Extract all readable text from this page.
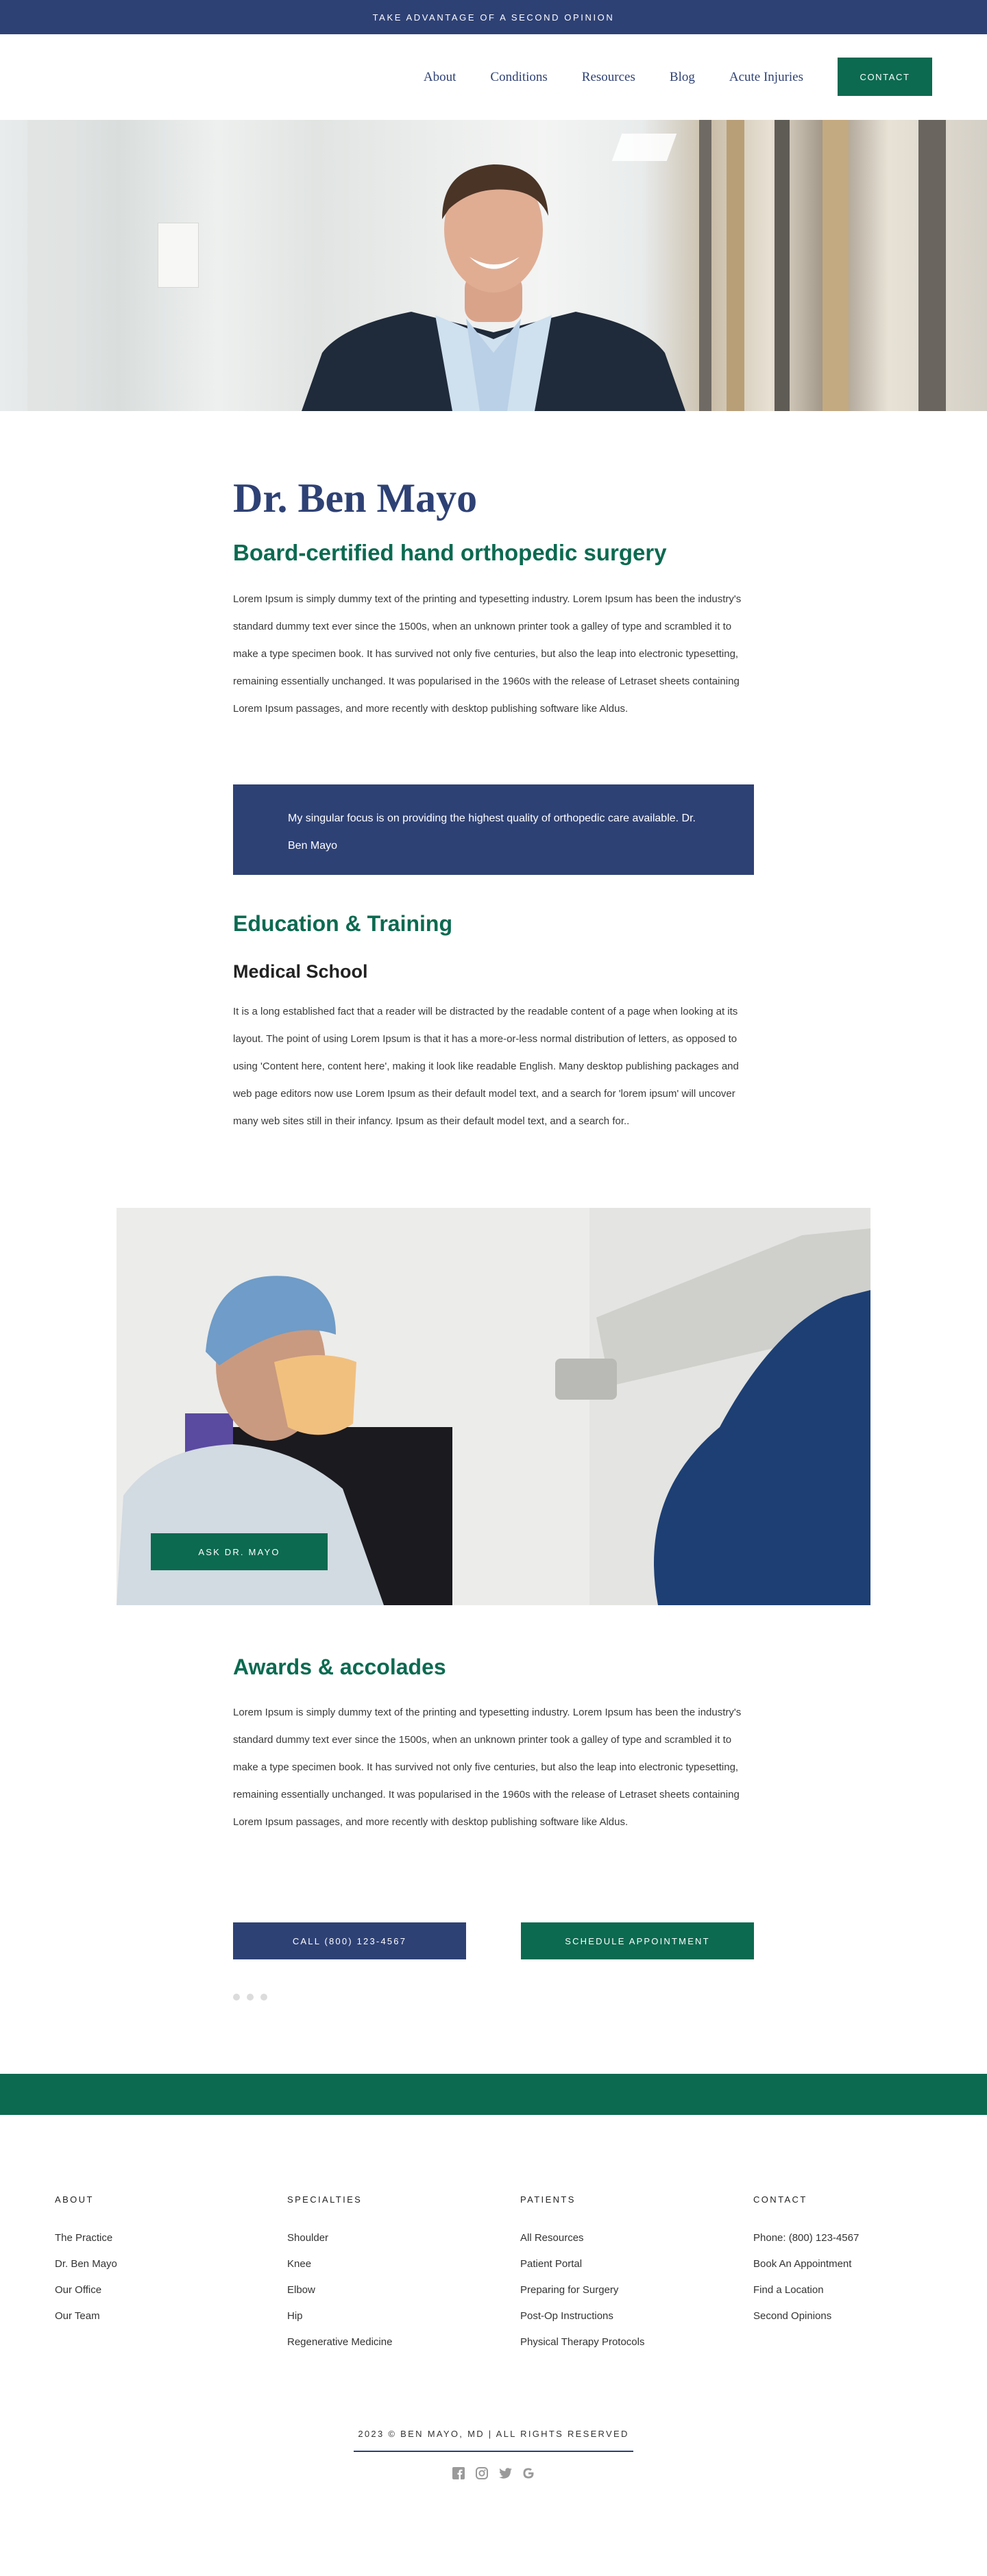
TAKE ADVANTAGE OF A SECOND OPINION
About	Conditions	Resources	Blog	Acute Injuries	CONTACT
Dr. Ben Mayo
Board-certified hand orthopedic surgery

Lorem Ipsum is simply dummy text of the printing and typesetting industry. Lorem Ipsum has been the industry's standard dummy text ever since the 1500s, when an unknown printer took a galley of type and scrambled it to make a type specimen book. It has survived not only five centuries, but also the leap into electronic typesetting, remaining essentially unchanged. It was popularised in the 1960s with the release of Letraset sheets containing Lorem Ipsum passages, and more recently with desktop publishing software like Aldus.

My singular focus is on providing the highest quality of orthopedic care available. Dr. Ben Mayo
Education & Training
Medical School

It is a long established fact that a reader will be distracted by the readable content of a page when looking at its layout. The point of using Lorem Ipsum is that it has a more-or-less normal distribution of letters, as opposed to using 'Content here, content here', making it look like readable English. Many desktop publishing packages and web page editors now use Lorem Ipsum as their default model text, and a search for 'lorem ipsum' will uncover many web sites still in their infancy. Ipsum as their default model text, and a search for..

ASK DR. MAYO
Awards & accolades

Lorem Ipsum is simply dummy text of the printing and typesetting industry. Lorem Ipsum has been the industry's standard dummy text ever since the 1500s, when an unknown printer took a galley of type and scrambled it to make a type specimen book. It has survived not only five centuries, but also the leap into electronic typesetting, remaining essentially unchanged. It was popularised in the 1960s with the release of Letraset sheets containing Lorem Ipsum passages, and more recently with desktop publishing software like Aldus.

CALL (800) 123-4567	SCHEDULE APPOINTMENT
ABOUT
The Practice
Dr. Ben Mayo
Our Office
Our Team
SPECIALTIES
Shoulder
Knee
Elbow
Hip
Regenerative Medicine
PATIENTS
All Resources
Patient Portal
Preparing for Surgery
Post-Op Instructions
Physical Therapy Protocols
CONTACT
Phone: (800) 123-4567
Book An Appointment
Find a Location
Second Opinions
2023 © BEN MAYO, MD | ALL RIGHTS RESERVED
